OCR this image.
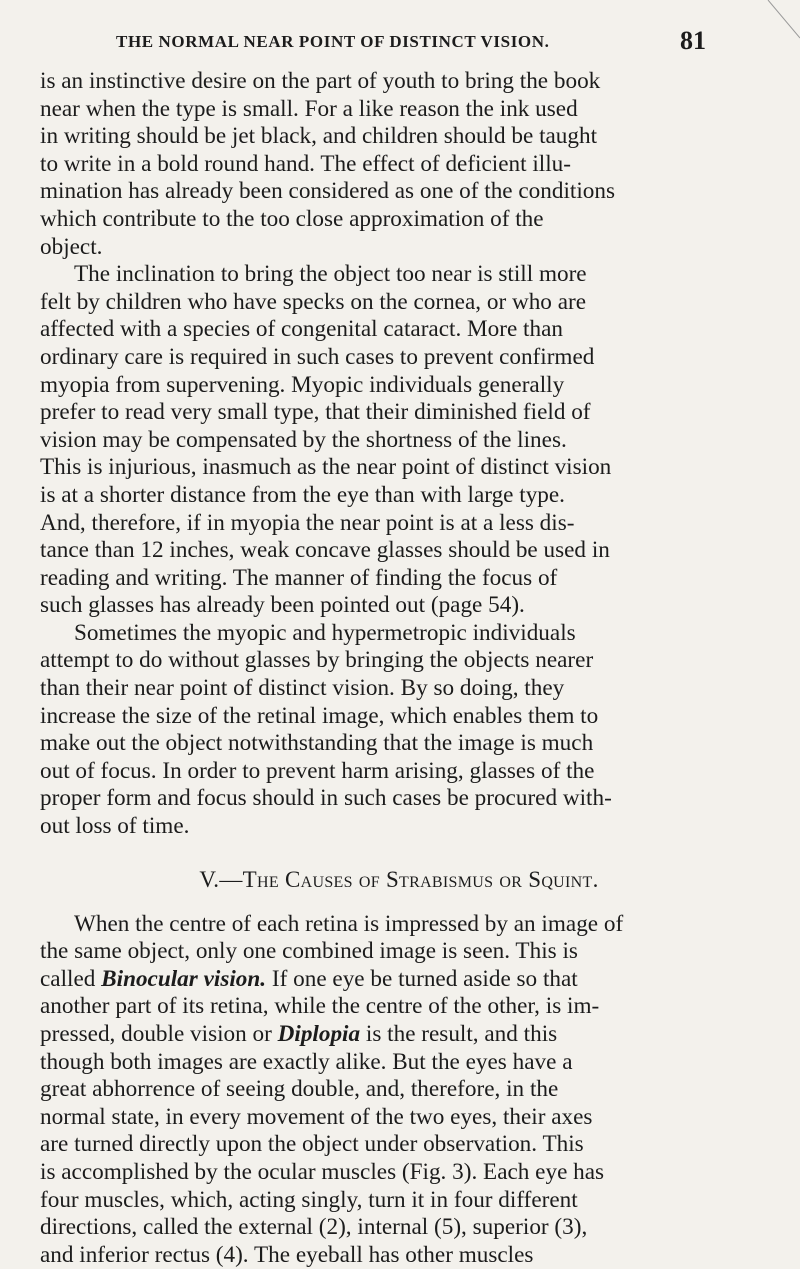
THE NORMAL NEAR POINT OF DISTINCT VISION.	81
is an instinctive desire on the part of youth to bring the book
near when the type is small. For a like reason the ink used
in writing should be jet black, and children should be taught
to write in a bold round hand. The effect of deficient illu-
mination has already been considered as one of the conditions
which contribute to the too close approximation of the
object.
The inclination to bring the object too near is still more
felt by children who have specks on the cornea, or who are
affected with a species of congenital cataract. More than
ordinary care is required in such cases to prevent confirmed
myopia from supervening. Myopic individuals generally
prefer to read very small type, that their diminished field of
vision may be compensated by the shortness of the lines.
This is injurious, inasmuch as the near point of distinct vision
is at a shorter distance from the eye than with large type.
And, therefore, if in myopia the near point is at a less dis-
tance than 12 inches, weak concave glasses should be used in
reading and writing. The manner of finding the focus of
such glasses has already been pointed out (page 54).
Sometimes the myopic and hypermetropic individuals
attempt to do without glasses by bringing the objects nearer
than their near point of distinct vision. By so doing, they
increase the size of the retinal image, which enables them to
make out the object notwithstanding that the image is much
out of focus. In order to prevent harm arising, glasses of the
proper form and focus should in such cases be procured with-
out loss of time.
V.—The Causes of Strabismus or Squint.
When the centre of each retina is impressed by an image of
the same object, only one combined image is seen. This is
called Binocular vision. If one eye be turned aside so that
another part of its retina, while the centre of the other, is im-
pressed, double vision or Diplopia is the result, and this
though both images are exactly alike. But the eyes have a
great abhorrence of seeing double, and, therefore, in the
normal state, in every movement of the two eyes, their axes
are turned directly upon the object under observation. This
is accomplished by the ocular muscles (Fig. 3). Each eye has
four muscles, which, acting singly, turn it in four different
directions, called the external (2), internal (5), superior (3),
and inferior rectus (4). The eyeball has other muscles
